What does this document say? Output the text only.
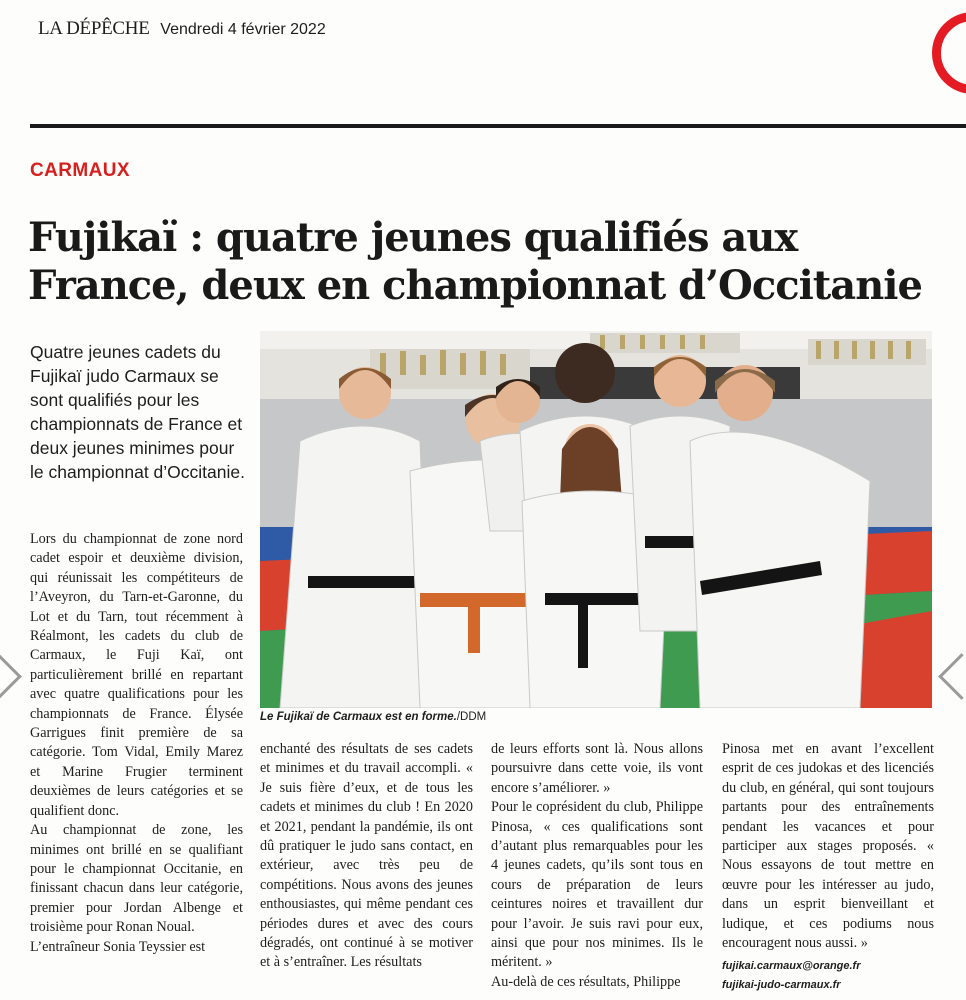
LA DÉPÊCHE Vendredi 4 février 2022
CARMAUX
Fujikaï : quatre jeunes qualifiés aux France, deux en championnat d’Occitanie
Quatre jeunes cadets du Fujikaï judo Carmaux se sont qualifiés pour les championnats de France et deux jeunes minimes pour le championnat d’Occitanie.
Le Fujikaï de Carmaux est en forme./DDM

Lors du championnat de zone nord cadet espoir et deuxième division, qui réunissait les compétiteurs de l’Aveyron, du Tarn-et-Garonne, du Lot et du Tarn, tout récemment à Réalmont, les cadets du club de Carmaux, le Fuji Kaï, ont particulièrement brillé en repartant avec quatre qualifications pour les championnats de France. Élysée Garrigues finit première de sa catégorie. Tom Vidal, Emily Marez et Marine Frugier terminent deuxièmes de leurs catégories et se qualifient donc.

Au championnat de zone, les minimes ont brillé en se qualifiant pour le championnat Occitanie, en finissant chacun dans leur catégorie, premier pour Jordan Albenge et troisième pour Ronan Noual.

L’entraîneur Sonia Teyssier est

enchanté des résultats de ses cadets et minimes et du travail accompli. « Je suis fière d’eux, et de tous les cadets et minimes du club ! En 2020 et 2021, pendant la pandémie, ils ont dû pratiquer le judo sans contact, en extérieur, avec très peu de compétitions. Nous avons des jeunes enthousiastes, qui même pendant ces périodes dures et avec des cours dégradés, ont continué à se motiver et à s’entraîner. Les résultats

de leurs efforts sont là. Nous allons poursuivre dans cette voie, ils vont encore s’améliorer. »

Pour le coprésident du club, Philippe Pinosa, « ces qualifications sont d’autant plus remarquables pour les 4 jeunes cadets, qu’ils sont tous en cours de préparation de leurs ceintures noires et travaillent dur pour l’avoir. Je suis ravi pour eux, ainsi que pour nos minimes. Ils le méritent. »

Au-delà de ces résultats, Philippe

Pinosa met en avant l’excellent esprit de ces judokas et des licenciés du club, en général, qui sont toujours partants pour des entraînements pendant les vacances et pour participer aux stages proposés. « Nous essayons de tout mettre en œuvre pour les intéresser au judo, dans un esprit bienveillant et ludique, et ces podiums nous encouragent nous aussi. »

fujikai.carmaux@orange.fr
fujikai-judo-carmaux.fr
